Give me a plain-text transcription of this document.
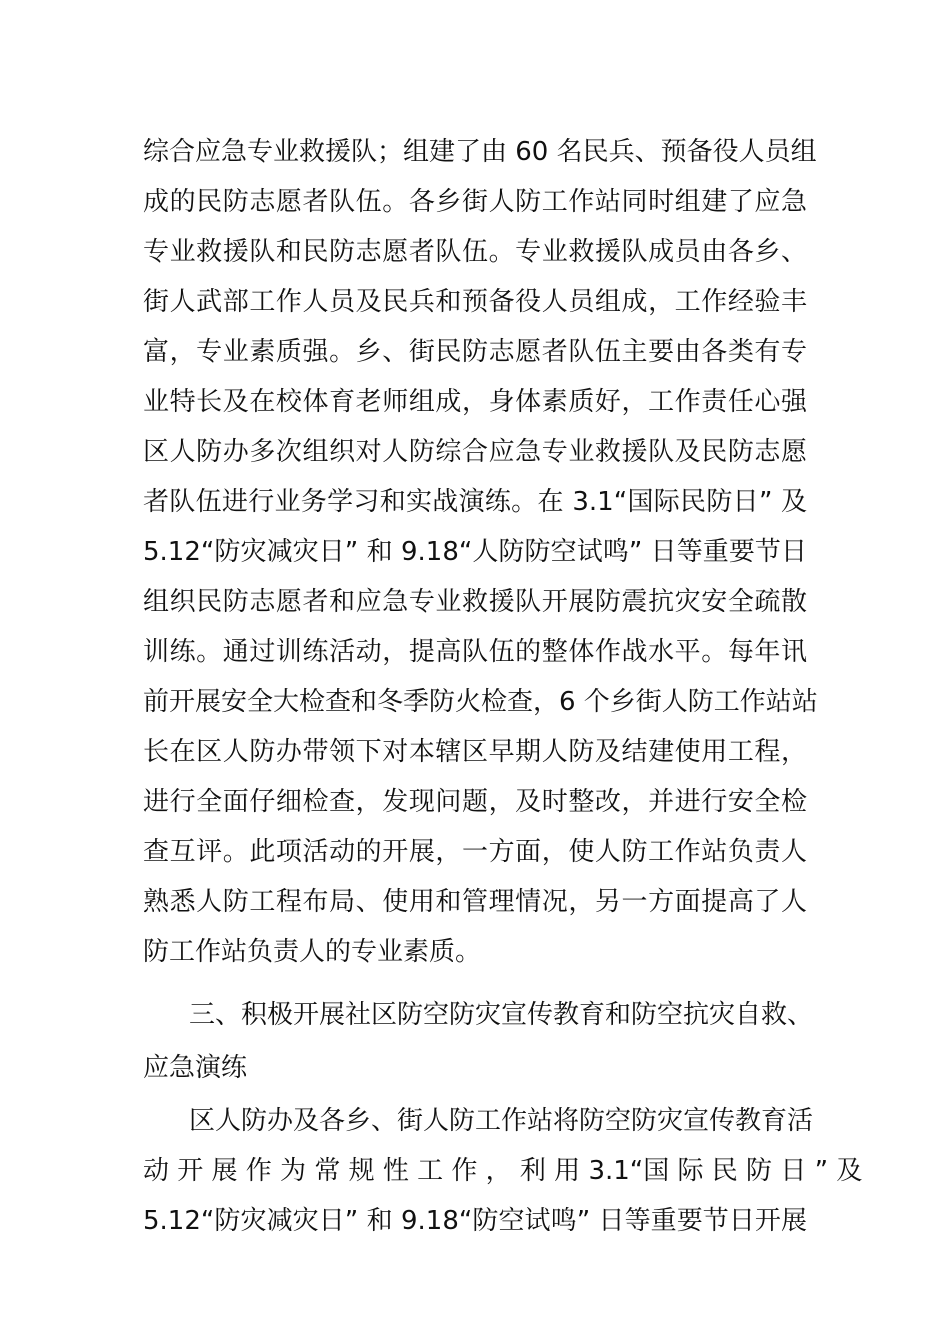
综合应急专业救援队；组建了由 60 名民兵、预备役人员组
成的民防志愿者队伍。各乡街人防工作站同时组建了应急
专业救援队和民防志愿者队伍。专业救援队成员由各乡、
街人武部工作人员及民兵和预备役人员组成，工作经验丰
富，专业素质强。乡、街民防志愿者队伍主要由各类有专
业特长及在校体育老师组成，身体素质好，工作责任心强
区人防办多次组织对人防综合应急专业救援队及民防志愿
者队伍进行业务学习和实战演练。在 3.1“国际民防日” 及
5.12“防灾减灾日” 和 9.18“人防防空试鸣” 日等重要节日
组织民防志愿者和应急专业救援队开展防震抗灾安全疏散
训练。通过训练活动，提高队伍的整体作战水平。每年讯
前开展安全大检查和冬季防火检查，6 个乡街人防工作站站
长在区人防办带领下对本辖区早期人防及结建使用工程，
进行全面仔细检查，发现问题，及时整改，并进行安全检
查互评。此项活动的开展，一方面，使人防工作站负责人
熟悉人防工程布局、使用和管理情况，另一方面提高了人
防工作站负责人的专业素质。
三、积极开展社区防空防灾宣传教育和防空抗灾自救、
应急演练
区人防办及各乡、街人防工作站将防空防灾宣传教育活
动 开 展 作 为 常 规 性 工 作 ， 利 用 3.1“国 际 民 防 日 ” 及
5.12“防灾减灾日” 和 9.18“防空试鸣” 日等重要节日开展
